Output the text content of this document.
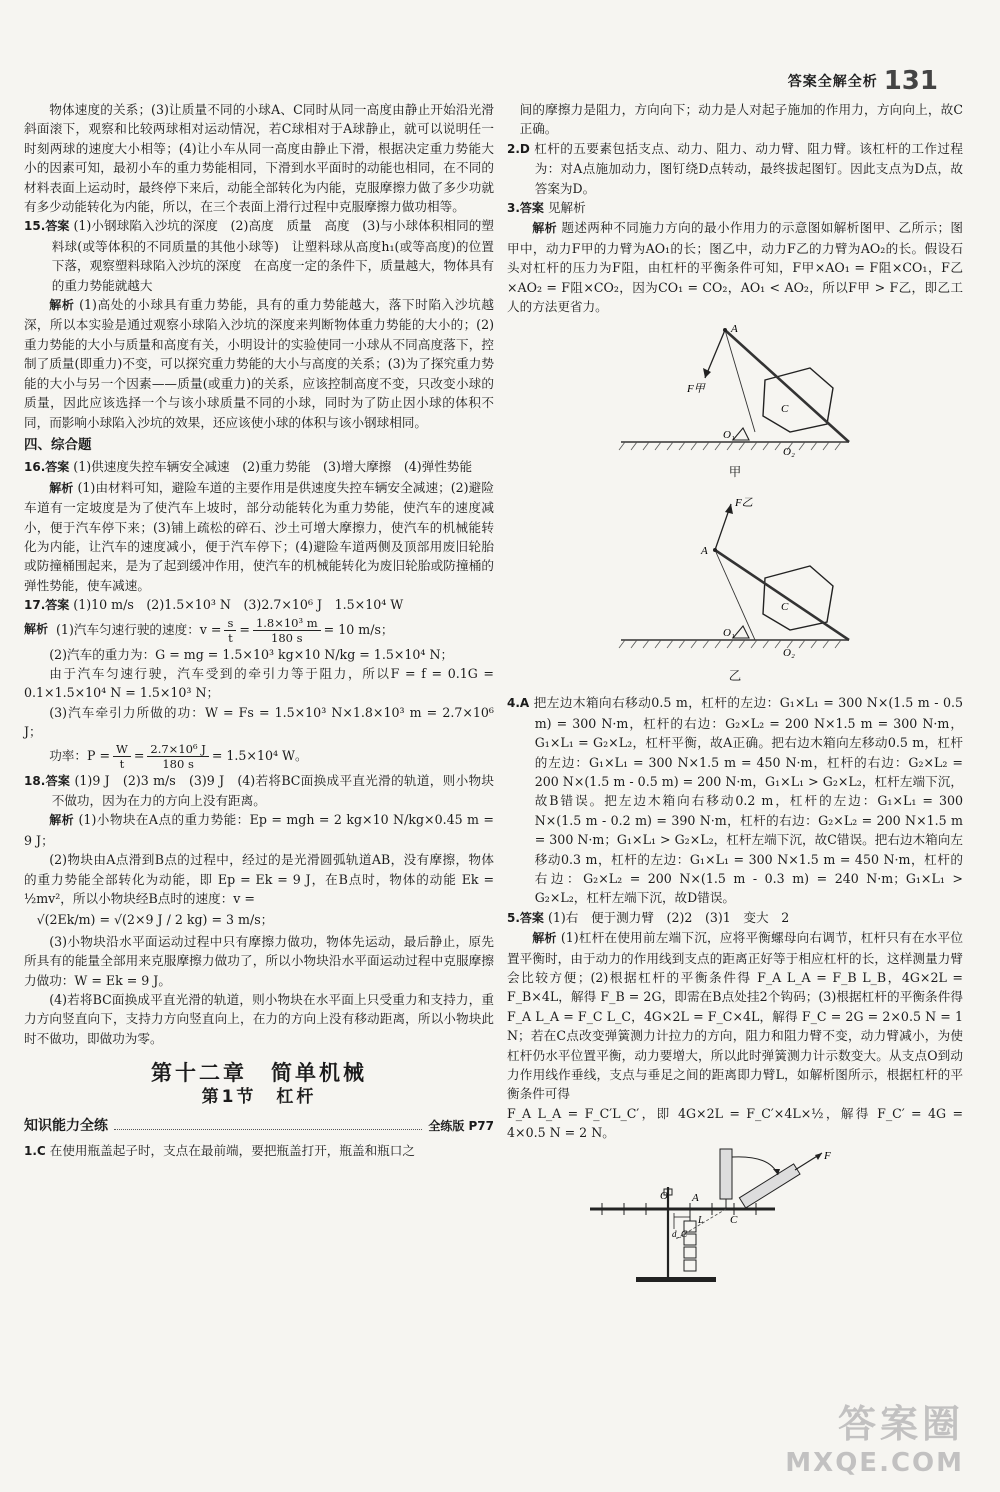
答案全解全析 131

物体速度的关系；(3)让质量不同的小球A、C同时从同一高度由静止开始沿光滑斜面滚下，观察和比较两球相对运动情况，若C球相对于A球静止，就可以说明任一时刻两球的速度大小相等；(4)让小车从同一高度由静止下滑，根据决定重力势能大小的因素可知，最初小车的重力势能相同，下滑到水平面时的动能也相同，在不同的材料表面上运动时，最终停下来后，动能全部转化为内能，克服摩擦力做了多少功就有多少动能转化为内能，所以，在三个表面上滑行过程中克服摩擦力做功相等。

15.答案 (1)小钢球陷入沙坑的深度　(2)高度　质量　高度　(3)与小球体积相同的塑料球(或等体积的不同质量的其他小球等)　让塑料球从高度h₁(或等高度)的位置下落，观察塑料球陷入沙坑的深度　在高度一定的条件下，质量越大，物体具有的重力势能就越大

解析 (1)高处的小球具有重力势能，具有的重力势能越大，落下时陷入沙坑越深，所以本实验是通过观察小球陷入沙坑的深度来判断物体重力势能的大小的；(2)重力势能的大小与质量和高度有关，小明设计的实验使同一小球从不同高度落下，控制了质量(即重力)不变，可以探究重力势能的大小与高度的关系；(3)为了探究重力势能的大小与另一个因素——质量(或重力)的关系，应该控制高度不变，只改变小球的质量，因此应该选择一个与该小球质量不同的小球，同时为了防止因小球的体积不同，而影响小球陷入沙坑的效果，还应该使小球的体积与该小钢球相同。

四、综合题

16.答案 (1)供速度失控车辆安全减速　(2)重力势能　(3)增大摩擦　(4)弹性势能

解析 (1)由材料可知，避险车道的主要作用是供速度失控车辆安全减速；(2)避险车道有一定坡度是为了使汽车上坡时，部分动能转化为重力势能，使汽车的速度减小，便于汽车停下来；(3)铺上疏松的碎石、沙土可增大摩擦力，使汽车的机械能转化为内能，让汽车的速度减小，便于汽车停下；(4)避险车道两侧及顶部用废旧轮胎或防撞桶围起来，是为了起到缓冲作用，使汽车的机械能转化为废旧轮胎或防撞桶的弹性势能，使车减速。

17.答案 (1)10 m/s　(2)1.5×10³ N　(3)2.7×10⁶ J　1.5×10⁴ W

解析 (1)汽车匀速行驶的速度：$v = \frac{s}{t} = \frac{\text{1.8×10³ m}}{180 s} = 10$ m/s；

(2)汽车的重力为：G = mg = 1.5×10³ kg×10 N/kg = 1.5×10⁴ N；

由于汽车匀速行驶，汽车受到的牵引力等于阻力，所以F = f = 0.1G = 0.1×1.5×10⁴ N = 1.5×10³ N；

(3)汽车牵引力所做的功：W = Fs = 1.5×10³ N×1.8×10³ m = 2.7×10⁶ J；

功率：$P = \frac{W}{t} = \frac{\text{2.7×10⁶ J}}{180 s} = 1.5\times 10^4$ W。

18.答案 (1)9 J　(2)3 m/s　(3)9 J　(4)若将BC面换成平直光滑的轨道，则小物块不做功，因为在力的方向上没有距离。

解析 (1)小物块在A点的重力势能：Ep = mgh = 2 kg×10 N/kg×0.45 m = 9 J；

(2)物块由A点滑到B点的过程中，经过的是光滑圆弧轨道AB，没有摩擦，物体的重力势能全部转化为动能，即 Ep = Ek = 9 J，在B点时，物体的动能 Ek = ½mv²，所以小物块经B点时的速度：v =

√(2Ek/m) = √(2×9 J / 2 kg) = 3 m/s；

(3)小物块沿水平面运动过程中只有摩擦力做功，物体先运动，最后静止，原先所具有的能量全部用来克服摩擦力做功了，所以小物块沿水平面运动过程中克服摩擦力做功：W = Ek = 9 J。

(4)若将BC面换成平直光滑的轨道，则小物块在水平面上只受重力和支持力，重力方向竖直向下，支持力方向竖直向上，在力的方向上没有移动距离，所以小物块此时不做功，即做功为零。

第十二章　简单机械
第1节　杠杆
知识能力全练	全练版 P77

1.C 在使用瓶盖起子时，支点在最前端，要把瓶盖打开，瓶盖和瓶口之

间的摩擦力是阻力，方向向下；动力是人对起子施加的作用力，方向向上，故C正确。

2.D 杠杆的五要素包括支点、动力、阻力、动力臂、阻力臂。该杠杆的工作过程为：对A点施加动力，图钉绕D点转动，最终拔起图钉。因此支点为D点，故答案为D。

3.答案 见解析

解析 题述两种不同施力方向的最小作用力的示意图如解析图甲、乙所示；图甲中，动力F甲的力臂为AO₁的长；图乙中，动力F乙的力臂为AO₂的长。假设石头对杠杆的压力为F阻，由杠杆的平衡条件可知，F甲×AO₁ = F阻×CO₁，F乙×AO₂ = F阻×CO₂，因为CO₁ = CO₂，AO₁ < AO₂，所以F甲 > F乙，即乙工人的方法更省力。

A
F甲
C
O₁
O₂
甲
A
F乙
C
O₁
O₂
乙

4.A 把左边木箱向右移动0.5 m，杠杆的左边：G₁×L₁ = 300 N×(1.5 m - 0.5 m) = 300 N·m，杠杆的右边：G₂×L₂ = 200 N×1.5 m = 300 N·m，G₁×L₁ = G₂×L₂，杠杆平衡，故A正确。把右边木箱向左移动0.5 m，杠杆的左边：G₁×L₁ = 300 N×1.5 m = 450 N·m，杠杆的右边：G₂×L₂ = 200 N×(1.5 m - 0.5 m) = 200 N·m，G₁×L₁ > G₂×L₂，杠杆左端下沉，故B错误。把左边木箱向右移动0.2 m，杠杆的左边：G₁×L₁ = 300 N×(1.5 m - 0.2 m) = 390 N·m，杠杆的右边：G₂×L₂ = 200 N×1.5 m = 300 N·m；G₁×L₁ > G₂×L₂，杠杆左端下沉，故C错误。把右边木箱向左移动0.3 m，杠杆的左边：G₁×L₁ = 300 N×1.5 m = 450 N·m，杠杆的右边：G₂×L₂ = 200 N×(1.5 m - 0.3 m) = 240 N·m；G₁×L₁ > G₂×L₂，杠杆左端下沉，故D错误。

5.答案 (1)右　便于测力臂　(2)2　(3)1　变大　2

解析 (1)杠杆在使用前左端下沉，应将平衡螺母向右调节，杠杆只有在水平位置平衡时，由于动力的作用线到支点的距离正好等于相应杠杆的长，这样测量力臂会比较方便；(2)根据杠杆的平衡条件得 F_A L_A = F_B L_B，4G×2L = F_B×4L，解得 F_B = 2G，即需在B点处挂2个钩码；(3)根据杠杆的平衡条件得 F_A L_A = F_C L_C，4G×2L = F_C×4L，解得 F_C = 2G = 2×0.5 N = 1 N；若在C点改变弹簧测力计拉力的方向，阻力和阻力臂不变，动力臂减小，为使杠杆仍水平位置平衡，动力要增大，所以此时弹簧测力计示数变大。从支点O到动力作用线作垂线，支点与垂足之间的距离即力臂L，如解析图所示，根据杠杆的平衡条件可得

F_A L_A = F_C′L_C′，即 4G×2L = F_C′×4L×½，解得 F_C′ = 4G = 4×0.5 N = 2 N。

F
O A
C
L
d_C
答案圈
MXQE.COM
